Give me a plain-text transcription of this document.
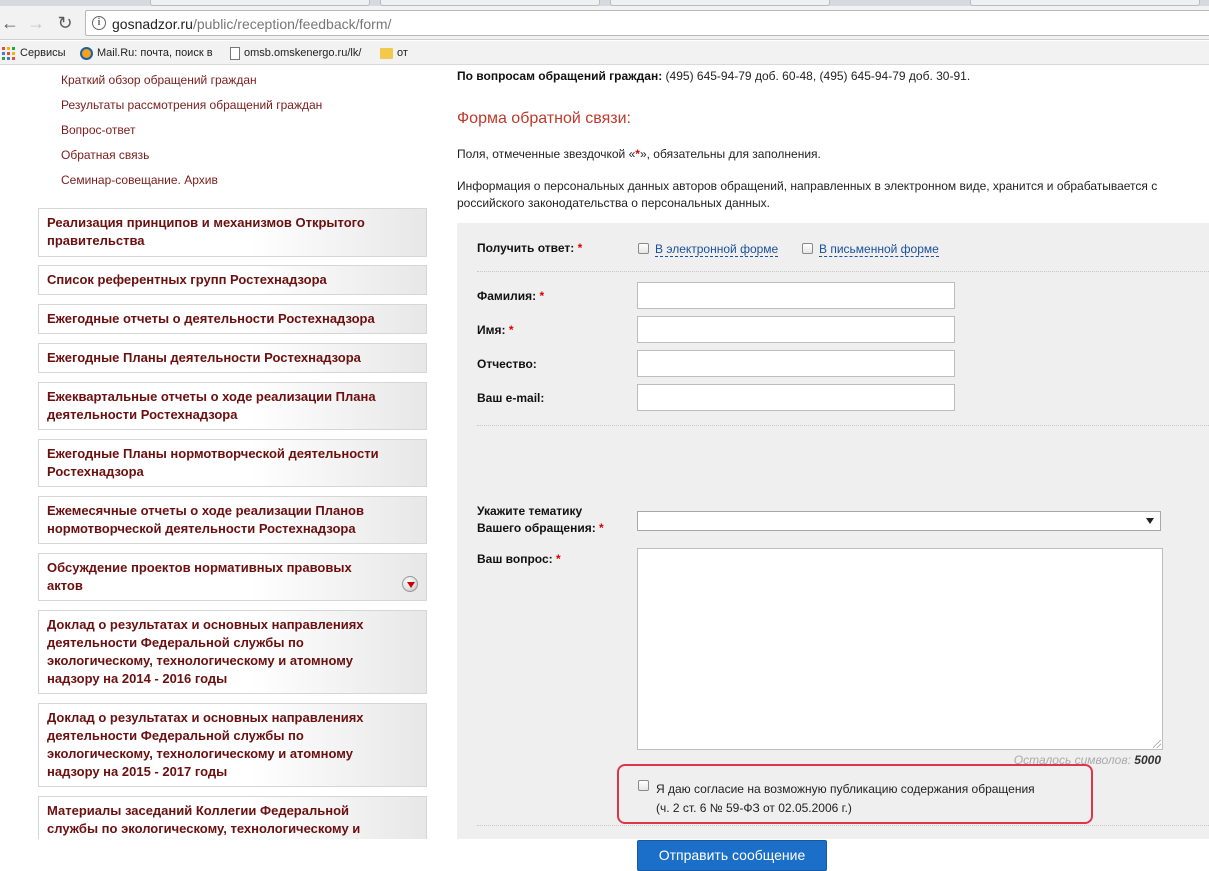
← → ↻	i gosnadzor.ru/public/reception/feedback/form/
Сервисы	Mail.Ru: почта, поиск в	omsb.omskenergo.ru/lk/	от
Краткий обзор обращений граждан
Результаты рассмотрения обращений граждан
Вопрос-ответ
Обратная связь
Семинар-совещание. Архив
Реализация принципов и механизмов Открытого
правительства
Список референтных групп Ростехнадзора
Ежегодные отчеты о деятельности Ростехнадзора
Ежегодные Планы деятельности Ростехнадзора
Ежеквартальные отчеты о ходе реализации Плана
деятельности Ростехнадзора
Ежегодные Планы нормотворческой деятельности
Ростехнадзора
Ежемесячные отчеты о ходе реализации Планов
нормотворческой деятельности Ростехнадзора
Обсуждение проектов нормативных правовых
актов
Доклад о результатах и основных направлениях
деятельности Федеральной службы по
экологическому, технологическому и атомному
надзору на 2014 - 2016 годы
Доклад о результатах и основных направлениях
деятельности Федеральной службы по
экологическому, технологическому и атомному
надзору на 2015 - 2017 годы
Материалы заседаний Коллегии Федеральной
службы по экологическому, технологическому и
По вопросам обращений граждан: (495) 645-94-79 доб. 60-48, (495) 645-94-79 доб. 30-91.
Форма обратной связи:
Поля, отмеченные звездочкой «*», обязательны для заполнения.
Информация о персональных данных авторов обращений, направленных в электронном виде, хранится и обрабатывается с
российского законодательства о персональных данных.
Получить ответ: *	В электронной форме	В письменной форме
Фамилия: *
Имя: *
Отчество:
Ваш e-mail:
Укажите тематику
Вашего обращения: *
Ваш вопрос: *
Осталось символов: 5000
Я даю согласие на возможную публикацию содержания обращения
(ч. 2 ст. 6 № 59-ФЗ от 02.05.2006 г.)
Отправить сообщение
